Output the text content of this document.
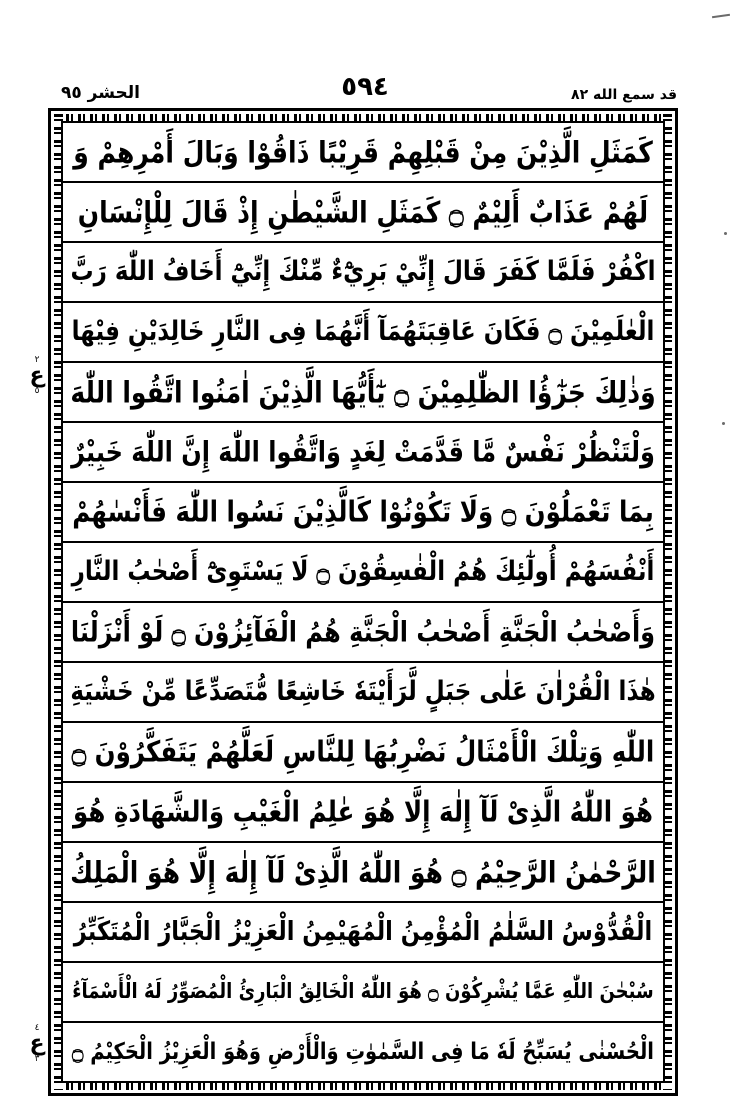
الحشر ٥٩	٤٩٥	قد سمع الله ٢٨
٢
ع
٥
٤
ع
٣
كَمَثَلِ الَّذِيْنَ مِنْ قَبْلِهِمْ قَرِيْبًا ذَاقُوْا وَبَالَ أَمْرِهِمْ وَ
لَهُمْ عَذَابٌ أَلِيْمٌ ۝ كَمَثَلِ الشَّيْطٰنِ إِذْ قَالَ لِلْإِنْسَانِ
اكْفُرْ فَلَمَّا كَفَرَ قَالَ إِنِّيْ بَرِيْٓءٌ مِّنْكَ إِنِّيْٓ أَخَافُ اللّٰهَ رَبَّ
الْعٰلَمِيْنَ ۝ فَكَانَ عَاقِبَتَهُمَآ أَنَّهُمَا فِى النَّارِ خَالِدَيْنِ فِيْهَا
وَذٰلِكَ جَزٰٓؤُا الظّٰلِمِيْنَ ۝ يٰٓأَيُّهَا الَّذِيْنَ اٰمَنُوا اتَّقُوا اللّٰهَ
وَلْتَنْظُرْ نَفْسٌ مَّا قَدَّمَتْ لِغَدٍ وَاتَّقُوا اللّٰهَ إِنَّ اللّٰهَ خَبِيْرٌ
بِمَا تَعْمَلُوْنَ ۝ وَلَا تَكُوْنُوْا كَالَّذِيْنَ نَسُوا اللّٰهَ فَأَنْسٰهُمْ
أَنْفُسَهُمْ أُولٰٓئِكَ هُمُ الْفٰسِقُوْنَ ۝ لَا يَسْتَوِىْٓ أَصْحٰبُ النَّارِ
وَأَصْحٰبُ الْجَنَّةِ أَصْحٰبُ الْجَنَّةِ هُمُ الْفَآئِزُوْنَ ۝ لَوْ أَنْزَلْنَا
هٰذَا الْقُرْاٰنَ عَلٰى جَبَلٍ لَّرَأَيْتَهٗ خَاشِعًا مُّتَصَدِّعًا مِّنْ خَشْيَةِ
اللّٰهِ وَتِلْكَ الْأَمْثَالُ نَضْرِبُهَا لِلنَّاسِ لَعَلَّهُمْ يَتَفَكَّرُوْنَ ۝
هُوَ اللّٰهُ الَّذِىْ لَآ إِلٰهَ إِلَّا هُوَ عٰلِمُ الْغَيْبِ وَالشَّهَادَةِ هُوَ
الرَّحْمٰنُ الرَّحِيْمُ ۝ هُوَ اللّٰهُ الَّذِىْ لَآ إِلٰهَ إِلَّا هُوَ الْمَلِكُ
الْقُدُّوْسُ السَّلٰمُ الْمُؤْمِنُ الْمُهَيْمِنُ الْعَزِيْزُ الْجَبَّارُ الْمُتَكَبِّرُ
سُبْحٰنَ اللّٰهِ عَمَّا يُشْرِكُوْنَ ۝ هُوَ اللّٰهُ الْخَالِقُ الْبَارِئُ الْمُصَوِّرُ لَهُ الْأَسْمَآءُ
الْحُسْنٰى يُسَبِّحُ لَهٗ مَا فِى السَّمٰوٰتِ وَالْأَرْضِ وَهُوَ الْعَزِيْزُ الْحَكِيْمُ ۝
